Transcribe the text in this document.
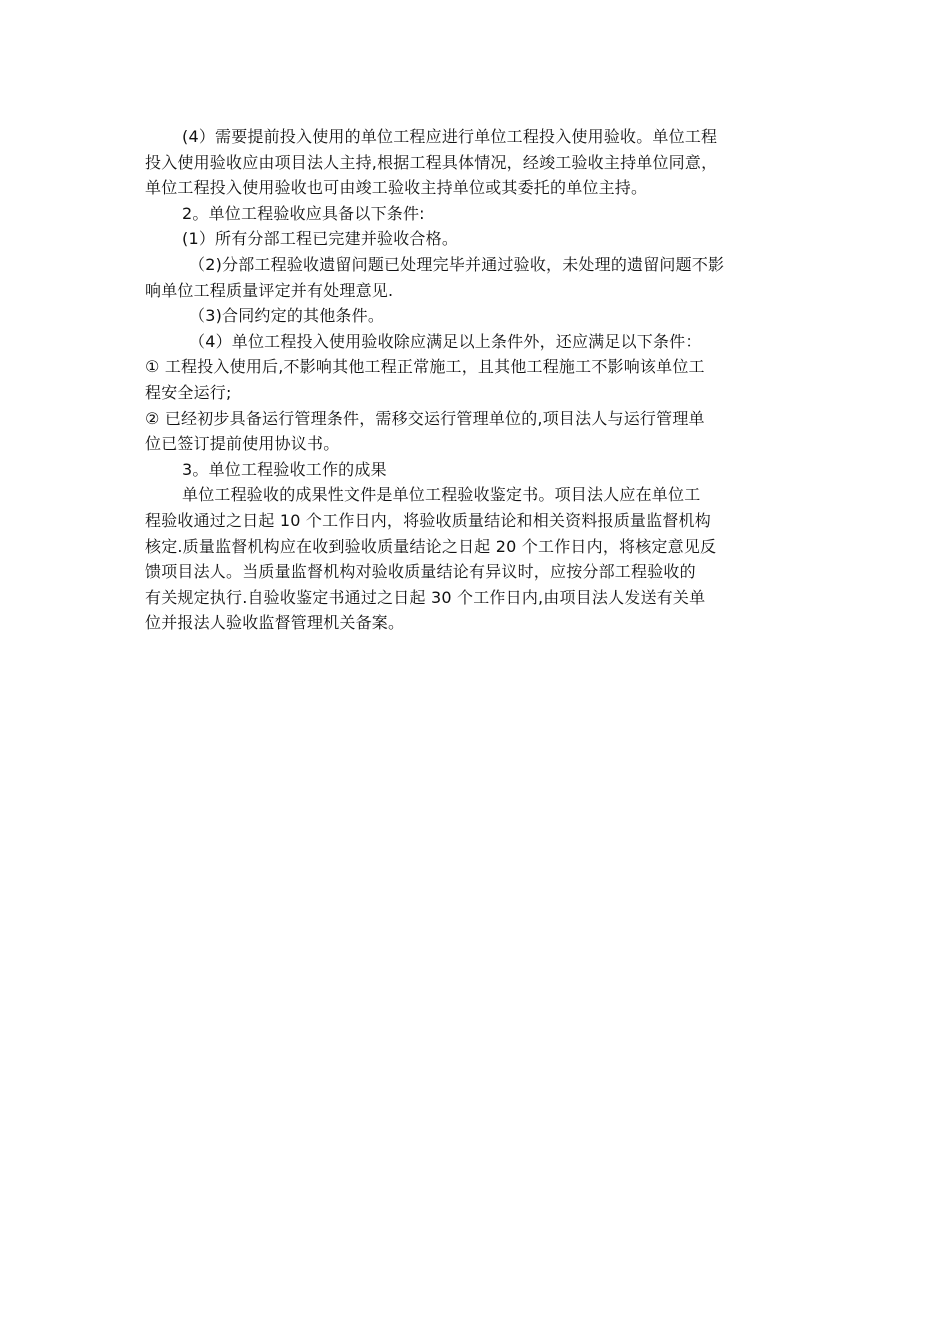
(4）需要提前投入使用的单位工程应进行单位工程投入使用验收。单位工程
投入使用验收应由项目法人主持,根据工程具体情况，经竣工验收主持单位同意，
单位工程投入使用验收也可由竣工验收主持单位或其委托的单位主持。
2。单位工程验收应具备以下条件:
(1）所有分部工程已完建并验收合格。
（2)分部工程验收遗留问题已处理完毕并通过验收，未处理的遗留问题不影
响单位工程质量评定并有处理意见.
（3)合同约定的其他条件。
（4）单位工程投入使用验收除应满足以上条件外，还应满足以下条件：
① 工程投入使用后,不影响其他工程正常施工，且其他工程施工不影响该单位工
程安全运行;
② 已经初步具备运行管理条件，需移交运行管理单位的,项目法人与运行管理单
位已签订提前使用协议书。
3。单位工程验收工作的成果
单位工程验收的成果性文件是单位工程验收鉴定书。项目法人应在单位工
程验收通过之日起 10 个工作日内，将验收质量结论和相关资料报质量监督机构
核定.质量监督机构应在收到验收质量结论之日起 20 个工作日内，将核定意见反
馈项目法人。当质量监督机构对验收质量结论有异议时，应按分部工程验收的
有关规定执行.自验收鉴定书通过之日起 30 个工作日内,由项目法人发送有关单
位并报法人验收监督管理机关备案。
